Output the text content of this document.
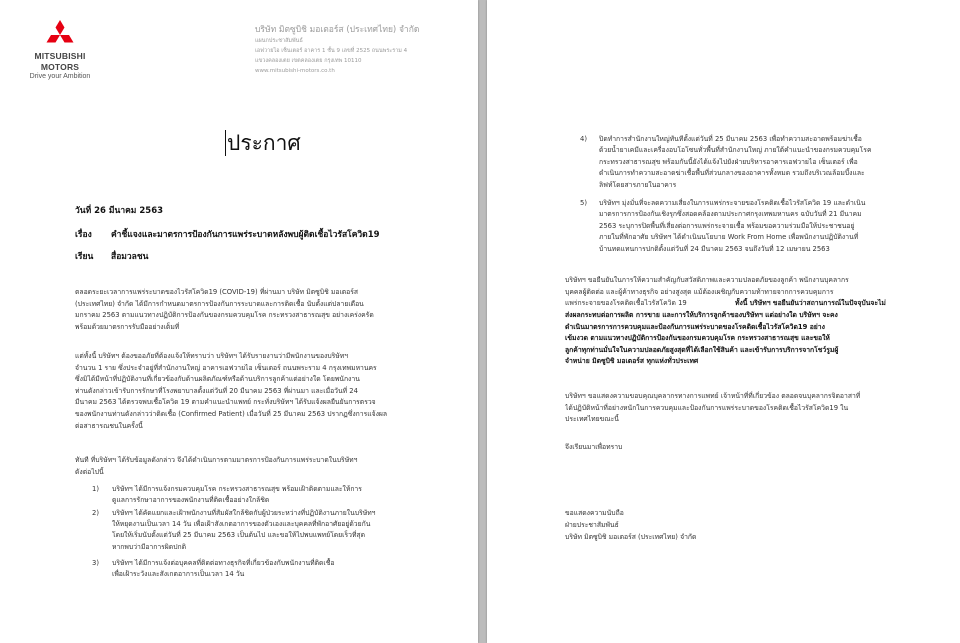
MITSUBISHI
MOTORS
Drive your Ambition
บริษัท มิตซูบิชิ มอเตอร์ส (ประเทศไทย) จำกัด
แผนกประชาสัมพันธ์
เอฟวายไอ เซ็นเตอร์ อาคาร 1 ชั้น 9 เลขที่ 2525 ถนนพระราม 4
แขวงคลองเตย เขตคลองเตย กรุงเทพ 10110
www.mitsubishi-motors.co.th
ประกาศ
วันที่ 26 มีนาคม 2563
เรื่อง คำชี้แจงและมาตรการป้องกันการแพร่ระบาดหลังพบผู้ติดเชื้อไวรัสโควิด19
เรียน สื่อมวลชน
ตลอดระยะเวลาการแพร่ระบาดของไวรัสโควิด19 (COVID-19) ที่ผ่านมา บริษัท มิตซูบิชิ มอเตอร์ส
(ประเทศไทย) จำกัด ได้มีการกำหนดมาตรการป้องกันการระบาดและการติดเชื้อ นับตั้งแต่ปลายเดือน
มกราคม 2563 ตามแนวทางปฏิบัติการป้องกันของกรมควบคุมโรค กระทรวงสาธารณสุข อย่างเคร่งครัด
พร้อมด้วยมาตรการรับมืออย่างเต็มที่
แต่ทั้งนี้ บริษัทฯ ต้องขออภัยที่ต้องแจ้งให้ทราบว่า บริษัทฯ ได้รับรายงานว่ามีพนักงานของบริษัทฯ
จำนวน 1 ราย ซึ่งประจำอยู่ที่สำนักงานใหญ่ อาคารเอฟวายไอ เซ็นเตอร์ ถนนพระราม 4 กรุงเทพมหานคร
ซึ่งมิได้มีหน้าที่ปฏิบัติงานที่เกี่ยวข้องกับด้านผลิตภัณฑ์หรือด้านบริการลูกค้าแต่อย่างใด โดยพนักงาน
ท่านดังกล่าวเข้ารับการรักษาที่โรงพยาบาลตั้งแต่วันที่ 20 มีนาคม 2563 ที่ผ่านมา และเมื่อวันที่ 24
มีนาคม 2563 ได้ตรวจพบเชื้อโควิด 19 ตามคำแนะนำแพทย์ กระทั่งบริษัทฯ ได้รับแจ้งผลยืนยันการตรวจ
ของพนักงานท่านดังกล่าวว่าติดเชื้อ (Confirmed Patient) เมื่อวันที่ 25 มีนาคม 2563 ปรากฏซึ่งการแจ้งผล
ต่อสาธารณชนในครั้งนี้
ทันที ที่บริษัทฯ ได้รับข้อมูลดังกล่าว จึงได้ดำเนินการตามมาตรการป้องกันการแพร่ระบาดในบริษัทฯ
ดังต่อไปนี้
1) บริษัทฯ ได้มีการแจ้งกรมควบคุมโรค กระทรวงสาธารณสุข พร้อมเฝ้าติดตามและให้การ
ดูแลการรักษาอาการของพนักงานที่ติดเชื้ออย่างใกล้ชิด
2) บริษัทฯ ได้คัดแยกและเฝ้าพนักงานที่สัมผัสใกล้ชิดกับผู้ป่วยระหว่างที่ปฏิบัติงานภายในบริษัทฯ
ให้หยุดงานเป็นเวลา 14 วัน เพื่อเฝ้าสังเกตอาการของตัวเองและบุคคลที่พักอาศัยอยู่ด้วยกัน
โดยให้เริ่มนับตั้งแต่วันที่ 25 มีนาคม 2563 เป็นต้นไป และขอให้ไปพบแพทย์โดยเร็วที่สุด
หากพบว่ามีอาการผิดปกติ
3) บริษัทฯ ได้มีการแจ้งต่อบุคคลที่ติดต่อทางธุรกิจที่เกี่ยวข้องกับพนักงานที่ติดเชื้อ
เพื่อเฝ้าระวังและสังเกตอาการเป็นเวลา 14 วัน
4) ปิดทำการสำนักงานใหญ่ทันทีตั้งแต่วันที่ 25 มีนาคม 2563 เพื่อทำความสะอาดพร้อมฆ่าเชื้อ
ด้วยน้ำยาเคมีและเครื่องอบโอโซนทั่วพื้นที่สำนักงานใหญ่ ภายใต้คำแนะนำของกรมควบคุมโรค
กระทรวงสาธารณสุข พร้อมกันนี้ยังได้แจ้งไปยังฝ่ายบริหารอาคารเอฟวายไอ เซ็นเตอร์ เพื่อ
ดำเนินการทำความสะอาดฆ่าเชื้อพื้นที่ส่วนกลางของอาคารทั้งหมด รวมถึงบริเวณล้อมบึ้งและ
ลิฟท์โดยสารภายในอาคาร
5) บริษัทฯ มุ่งมั่นที่จะลดความเสี่ยงในการแพร่กระจายของโรคติดเชื้อไวรัสโควิด 19 และดำเนิน
มาตรการการป้องกันเชิงรุกซึ่งสอดคล้องตามประกาศกรุงเทพมหานคร ฉบับวันที่ 21 มีนาคม
2563 ระบุการปิดพื้นที่เสี่ยงต่อการแพร่กระจายเชื้อ พร้อมขอความร่วมมือให้ประชาชนอยู่
ภายในที่พักอาศัย บริษัทฯ ได้ดำเนินนโยบาย Work From Home เพื่อพนักงานปฏิบัติงานที่
บ้านทดแทนการปกติตั้งแต่วันที่ 24 มีนาคม 2563 จนถึงวันที่ 12 เมษายน 2563
บริษัทฯ ขอยืนยันในการให้ความสำคัญกับสวัสดิภาพและความปลอดภัยของลูกค้า พนักงานบุคลากร
บุคคลผู้ติดต่อ และผู้ค้าทางธุรกิจ อย่างสูงสุด แม้ต้องเผชิญกับความท้าทายจากการควบคุมการ
แพร่กระจายของโรคติดเชื้อไวรัสโควิด 19	ทั้งนี้ บริษัทฯ ขอยืนยันว่าสถานการณ์ในปัจจุบันจะไม่
ส่งผลกระทบต่อการผลิต การขาย และการให้บริการลูกค้าของบริษัทฯ แต่อย่างใด บริษัทฯ จะคง
ดำเนินมาตรการการควบคุมและป้องกันการแพร่ระบาดของโรคติดเชื้อไวรัสโควิด19 อย่าง
เข้มงวด ตามแนวทางปฏิบัติการป้องกันของกรมควบคุมโรค กระทรวงสาธารณสุข และขอให้
ลูกค้าทุกท่านมั่นใจในความปลอดภัยสูงสุดที่ได้เลือกใช้สินค้า และเข้ารับการบริการจากโชว์รูมผู้
จำหน่าย มิตซูบิชิ มอเตอร์ส ทุกแห่งทั่วประเทศ
บริษัทฯ ขอแสดงความขอบคุณบุคลากรทางการแพทย์ เจ้าหน้าที่ที่เกี่ยวข้อง ตลอดจนบุคลากรจิตอาสาที่
ได้ปฏิบัติหน้าที่อย่างหนักในการควบคุมและป้องกันการแพร่ระบาดของโรคติดเชื้อไวรัสโควิด19 ใน
ประเทศไทยขณะนี้
จึงเรียนมาเพื่อทราบ
ขอแสดงความนับถือ
ฝ่ายประชาสัมพันธ์
บริษัท มิตซูบิชิ มอเตอร์ส (ประเทศไทย) จำกัด
